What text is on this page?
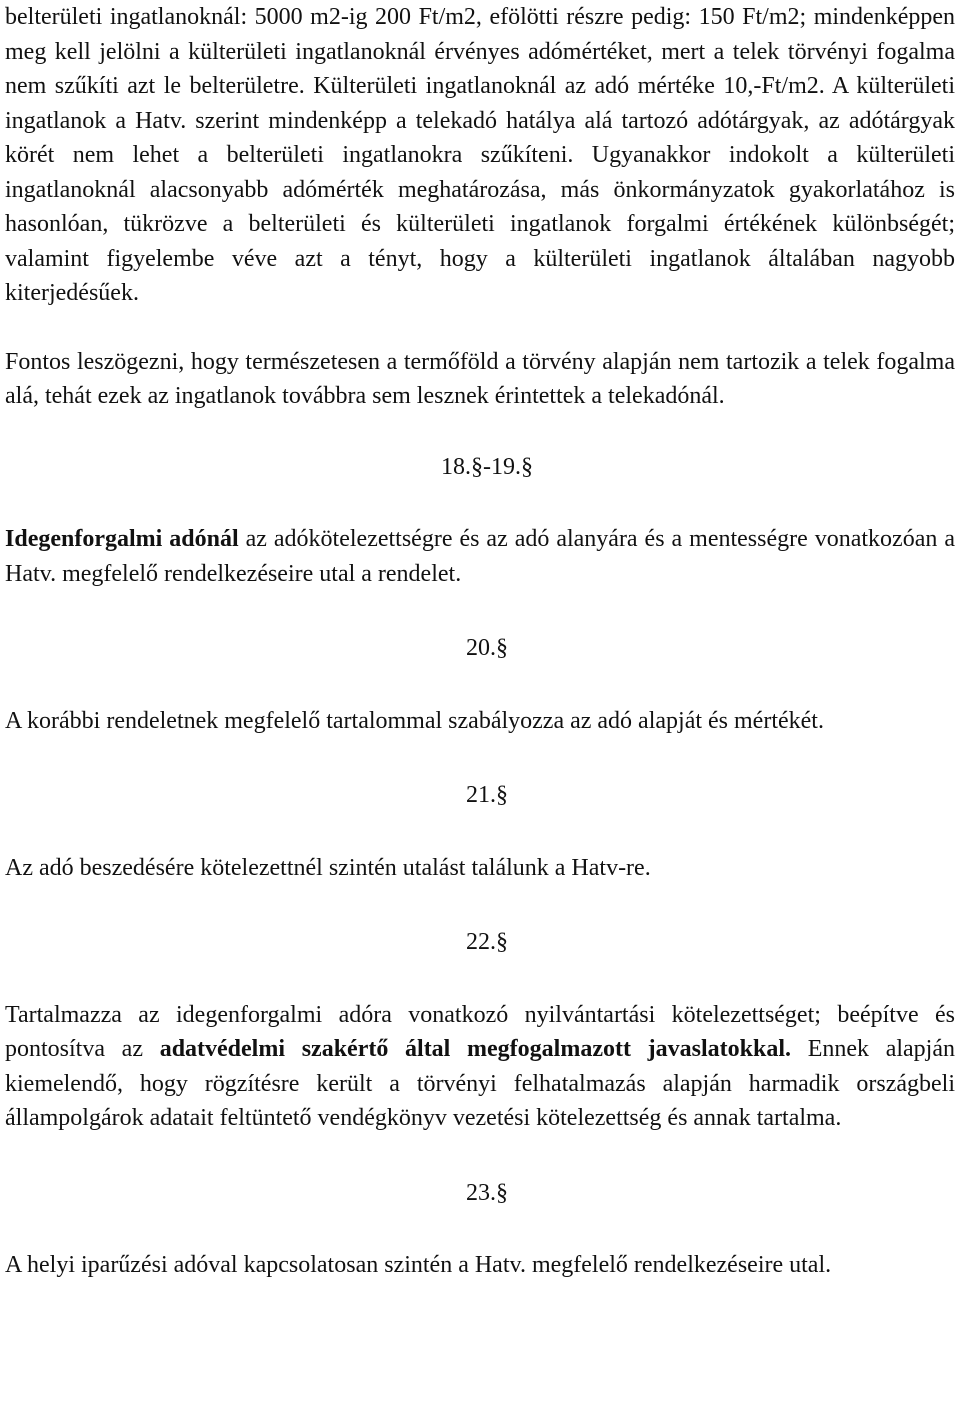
belterületi ingatlanoknál: 5000 m2-ig 200 Ft/m2, efölötti részre pedig: 150 Ft/m2; mindenképpen meg kell jelölni a külterületi ingatlanoknál érvényes adómértéket, mert a telek törvényi fogalma nem szűkíti azt le belterületre. Külterületi ingatlanoknál az adó mértéke 10,-Ft/m2. A külterületi ingatlanok a Hatv. szerint mindenképp a telekadó hatálya alá tartozó adótárgyak, az adótárgyak körét nem lehet a belterületi ingatlanokra szűkíteni. Ugyanakkor indokolt a külterületi ingatlanoknál alacsonyabb adómérték meghatározása, más önkormányzatok gyakorlatához is hasonlóan, tükrözve a belterületi és külterületi ingatlanok forgalmi értékének különbségét; valamint figyelembe véve azt a tényt, hogy a külterületi ingatlanok általában nagyobb kiterjedésűek.

Fontos leszögezni, hogy természetesen a termőföld a törvény alapján nem tartozik a telek fogalma alá, tehát ezek az ingatlanok továbbra sem lesznek érintettek a telekadónál.

18.§-19.§

Idegenforgalmi adónál az adókötelezettségre és az adó alanyára és a mentességre vonatkozóan a Hatv. megfelelő rendelkezéseire utal a rendelet.

20.§

A korábbi rendeletnek megfelelő tartalommal szabályozza az adó alapját és mértékét.

21.§

Az adó beszedésére kötelezettnél szintén utalást találunk a Hatv-re.

22.§

Tartalmazza az idegenforgalmi adóra vonatkozó nyilvántartási kötelezettséget; beépítve és pontosítva az adatvédelmi szakértő által megfogalmazott javaslatokkal. Ennek alapján kiemelendő, hogy rögzítésre került a törvényi felhatalmazás alapján harmadik országbeli állampolgárok adatait feltüntető vendégkönyv vezetési kötelezettség és annak tartalma.

23.§

A helyi iparűzési adóval kapcsolatosan szintén a Hatv. megfelelő rendelkezéseire utal.
